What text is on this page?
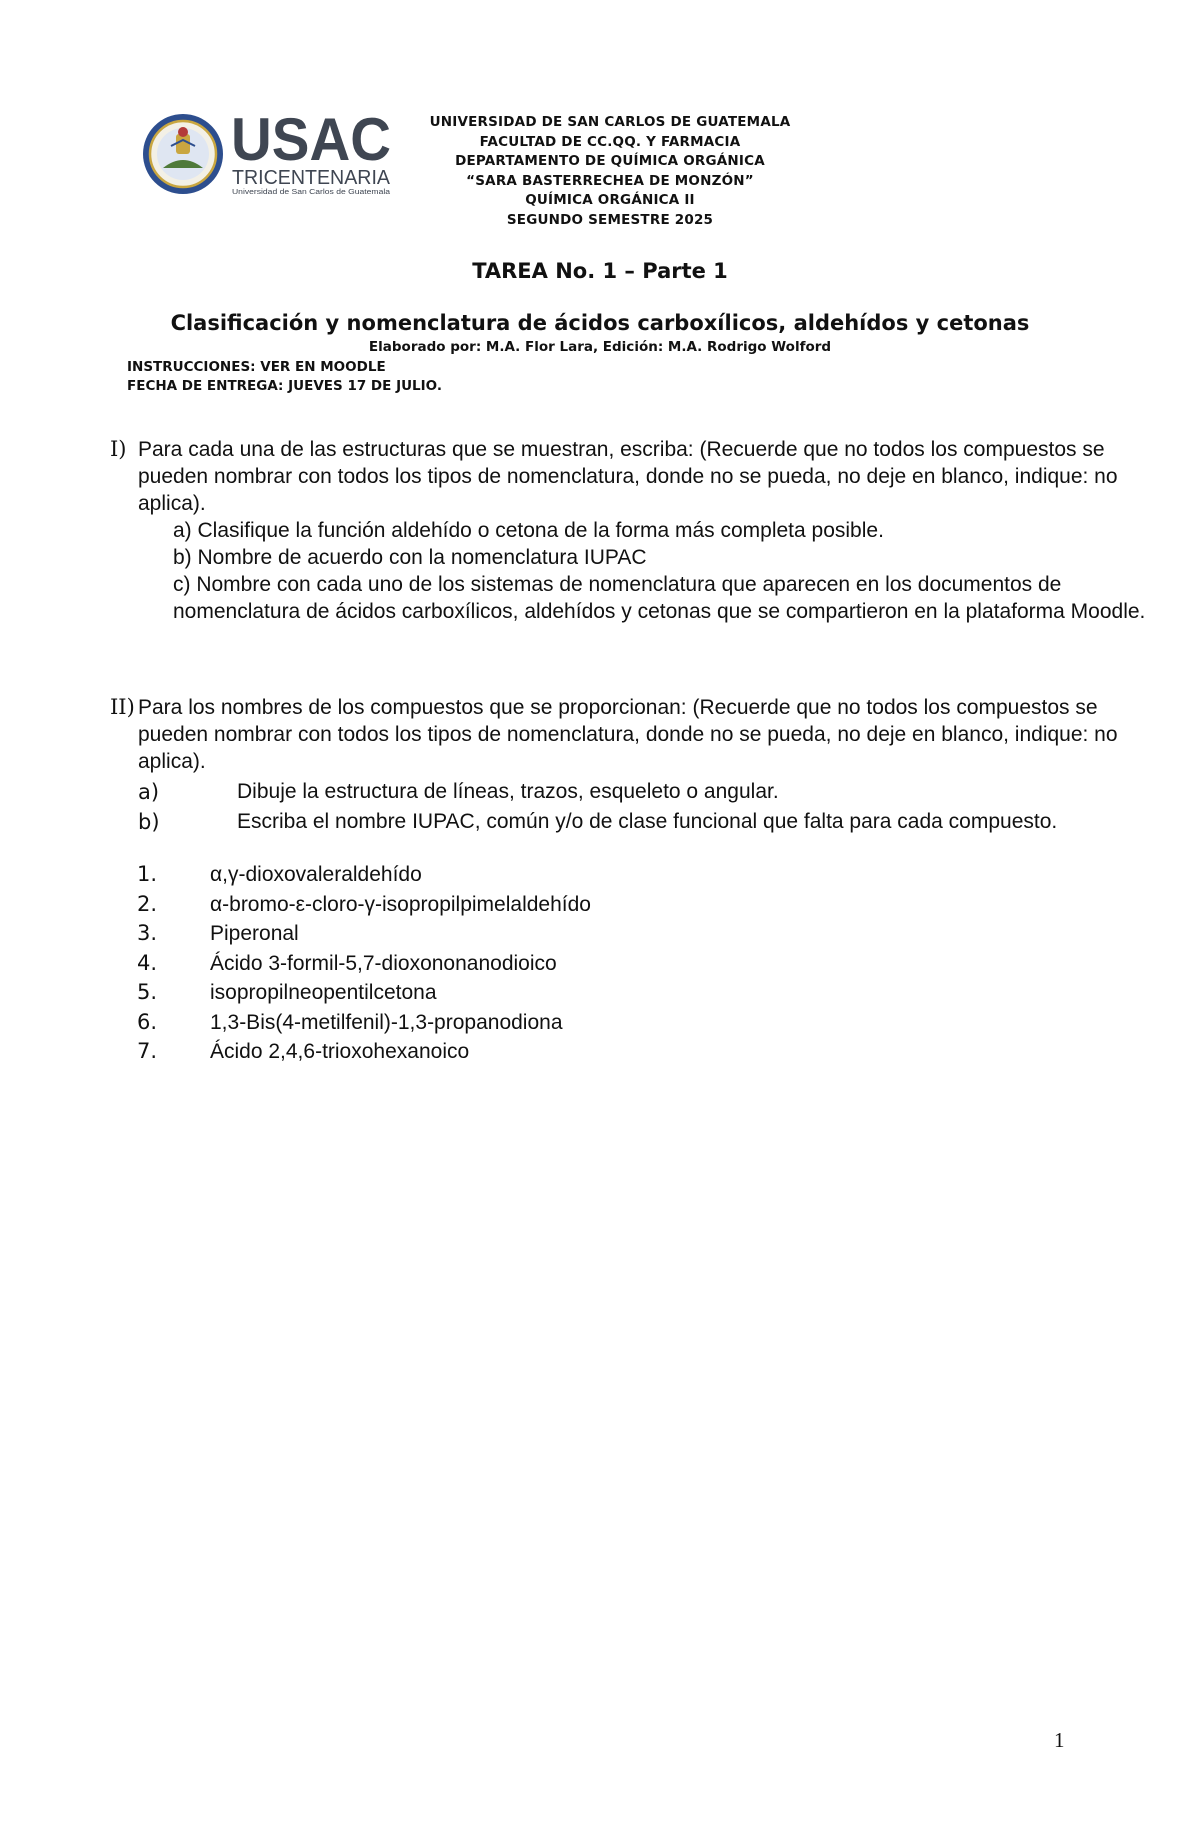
USAC
TRICENTENARIA
Universidad de San Carlos de Guatemala
UNIVERSIDAD DE SAN CARLOS DE GUATEMALA
FACULTAD DE CC.QQ. Y FARMACIA
DEPARTAMENTO DE QUÍMICA ORGÁNICA
“SARA BASTERRECHEA DE MONZÓN”
QUÍMICA ORGÁNICA II
SEGUNDO SEMESTRE 2025
TAREA No. 1 – Parte 1
Clasificación y nomenclatura de ácidos carboxílicos, aldehídos y cetonas
Elaborado por: M.A. Flor Lara, Edición: M.A. Rodrigo Wolford
INSTRUCCIONES: VER EN MOODLE
FECHA DE ENTREGA: JUEVES 17 DE JULIO.
I) Para cada una de las estructuras que se muestran, escriba: (Recuerde que no todos los compuestos se pueden nombrar con todos los tipos de nomenclatura, donde no se pueda, no deje en blanco, indique: no aplica).
a) Clasifique la función aldehído o cetona de la forma más completa posible.
b) Nombre de acuerdo con la nomenclatura IUPAC
c) Nombre con cada uno de los sistemas de nomenclatura que aparecen en los documentos de nomenclatura de ácidos carboxílicos, aldehídos y cetonas que se compartieron en la plataforma Moodle.
II) Para los nombres de los compuestos que se proporcionan: (Recuerde que no todos los compuestos se pueden nombrar con todos los tipos de nomenclatura, donde no se pueda, no deje en blanco, indique: no aplica).
a)	Dibuje la estructura de líneas, trazos, esqueleto o angular.
b)	Escriba el nombre IUPAC, común y/o de clase funcional que falta para cada compuesto.
1.	α,γ-dioxovaleraldehído
2.	α-bromo-ε-cloro-γ-isopropilpimelaldehído
3.	Piperonal
4.	Ácido 3-formil-5,7-dioxononanodioico
5.	isopropilneopentilcetona
6.	1,3-Bis(4-metilfenil)-1,3-propanodiona
7.	Ácido 2,4,6-trioxohexanoico
1
